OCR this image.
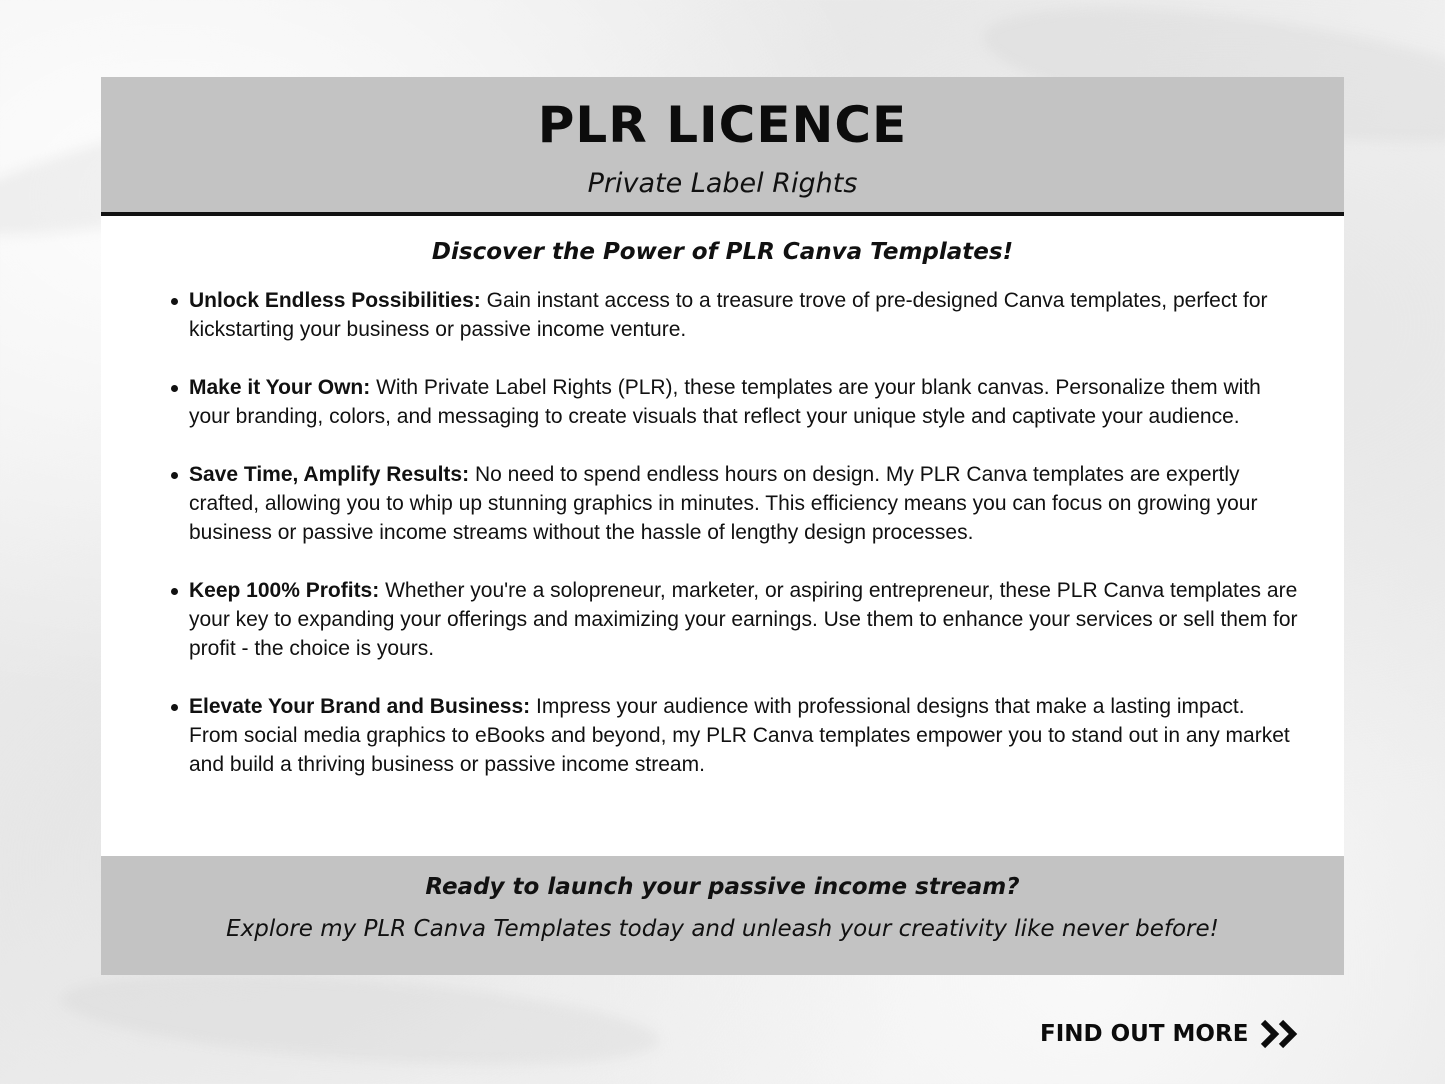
PLR LICENCE
Private Label Rights
Discover the Power of PLR Canva Templates!
Unlock Endless Possibilities: Gain instant access to a treasure trove of pre-designed Canva templates, perfect for kickstarting your business or passive income venture.
Make it Your Own: With Private Label Rights (PLR), these templates are your blank canvas. Personalize them with your branding, colors, and messaging to create visuals that reflect your unique style and captivate your audience.
Save Time, Amplify Results: No need to spend endless hours on design. My PLR Canva templates are expertly crafted, allowing you to whip up stunning graphics in minutes. This efficiency means you can focus on growing your business or passive income streams without the hassle of lengthy design processes.
Keep 100% Profits: Whether you're a solopreneur, marketer, or aspiring entrepreneur, these PLR Canva templates are your key to expanding your offerings and maximizing your earnings. Use them to enhance your services or sell them for profit - the choice is yours.
Elevate Your Brand and Business: Impress your audience with professional designs that make a lasting impact. From social media graphics to eBooks and beyond, my PLR Canva templates empower you to stand out in any market and build a thriving business or passive income stream.
Ready to launch your passive income stream?
Explore my PLR Canva Templates today and unleash your creativity like never before!
FIND OUT MORE
